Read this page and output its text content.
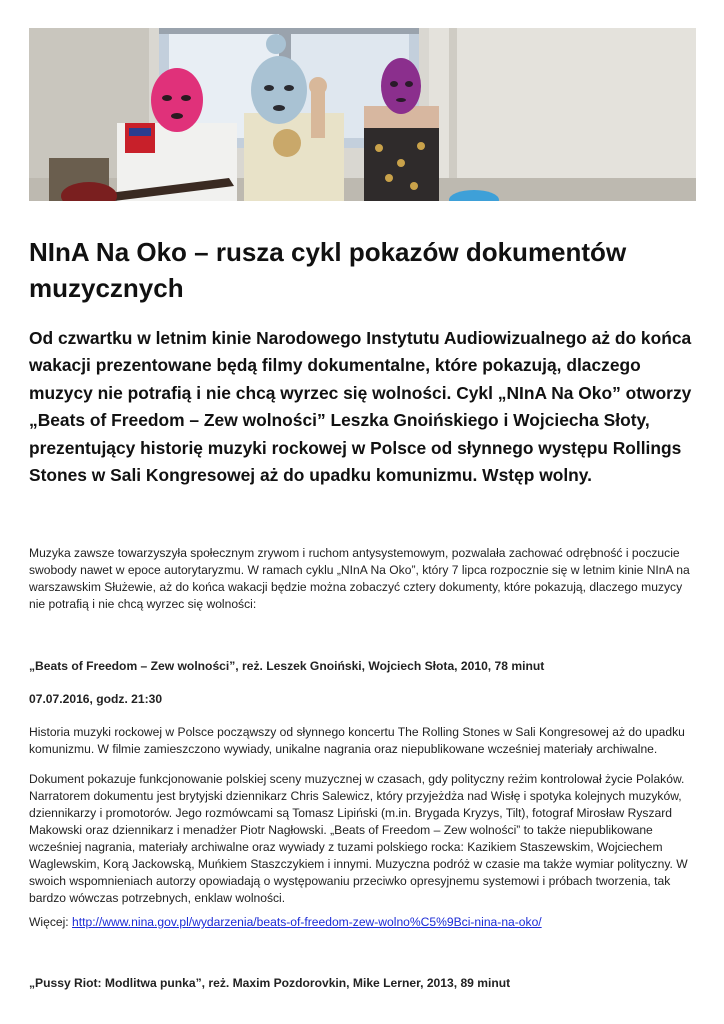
NInA Na Oko – rusza cykl pokazów dokumentów muzycznych

Od czwartku w letnim kinie Narodowego Instytutu Audiowizualnego aż do końca wakacji prezentowane będą filmy dokumentalne, które pokazują, dlaczego muzycy nie potrafią i nie chcą wyrzec się wolności. Cykl „NInA Na Oko” otworzy „Beats of Freedom – Zew wolności” Leszka Gnoińskiego i Wojciecha Słoty, prezentujący historię muzyki rockowej w Polsce od słynnego występu Rollings Stones w Sali Kongresowej aż do upadku komunizmu. Wstęp wolny.

Muzyka zawsze towarzyszyła społecznym zrywom i ruchom antysystemowym, pozwalała zachować odrębność i poczucie swobody nawet w epoce autorytaryzmu. W ramach cyklu „NInA Na Oko”, który 7 lipca rozpocznie się w letnim kinie NInA na warszawskim Służewie, aż do końca wakacji będzie można zobaczyć cztery dokumenty, które pokazują, dlaczego muzycy nie potrafią i nie chcą wyrzec się wolności:

„Beats of Freedom – Zew wolności”, reż. Leszek Gnoiński, Wojciech Słota, 2010, 78 minut

07.07.2016, godz. 21:30

Historia muzyki rockowej w Polsce począwszy od słynnego koncertu The Rolling Stones w Sali Kongresowej aż do upadku komunizmu. W filmie zamieszczono wywiady, unikalne nagrania oraz niepublikowane wcześniej materiały archiwalne.

Dokument pokazuje funkcjonowanie polskiej sceny muzycznej w czasach, gdy polityczny reżim kontrolował życie Polaków. Narratorem dokumentu jest brytyjski dziennikarz Chris Salewicz, który przyjeżdża nad Wisłę i spotyka kolejnych muzyków, dziennikarzy i promotorów. Jego rozmówcami są Tomasz Lipiński (m.in. Brygada Kryzys, Tilt), fotograf Mirosław Ryszard Makowski oraz dziennikarz i menadżer Piotr Nagłowski. „Beats of Freedom – Zew wolności” to także niepublikowane wcześniej nagrania, materiały archiwalne oraz wywiady z tuzami polskiego rocka: Kazikiem Staszewskim, Wojciechem Waglewskim, Korą Jackowską, Muńkiem Staszczykiem i innymi. Muzyczna podróż w czasie ma także wymiar polityczny. W swoich wspomnieniach autorzy opowiadają o występowaniu przeciwko opresyjnemu systemowi i próbach tworzenia, tak bardzo wówczas potrzebnych, enklaw wolności.

Więcej: http://www.nina.gov.pl/wydarzenia/beats-of-freedom-zew-wolno%C5%9Bci-nina-na-oko/

„Pussy Riot: Modlitwa punka”, reż. Maxim Pozdorovkin, Mike Lerner, 2013, 89 minut
